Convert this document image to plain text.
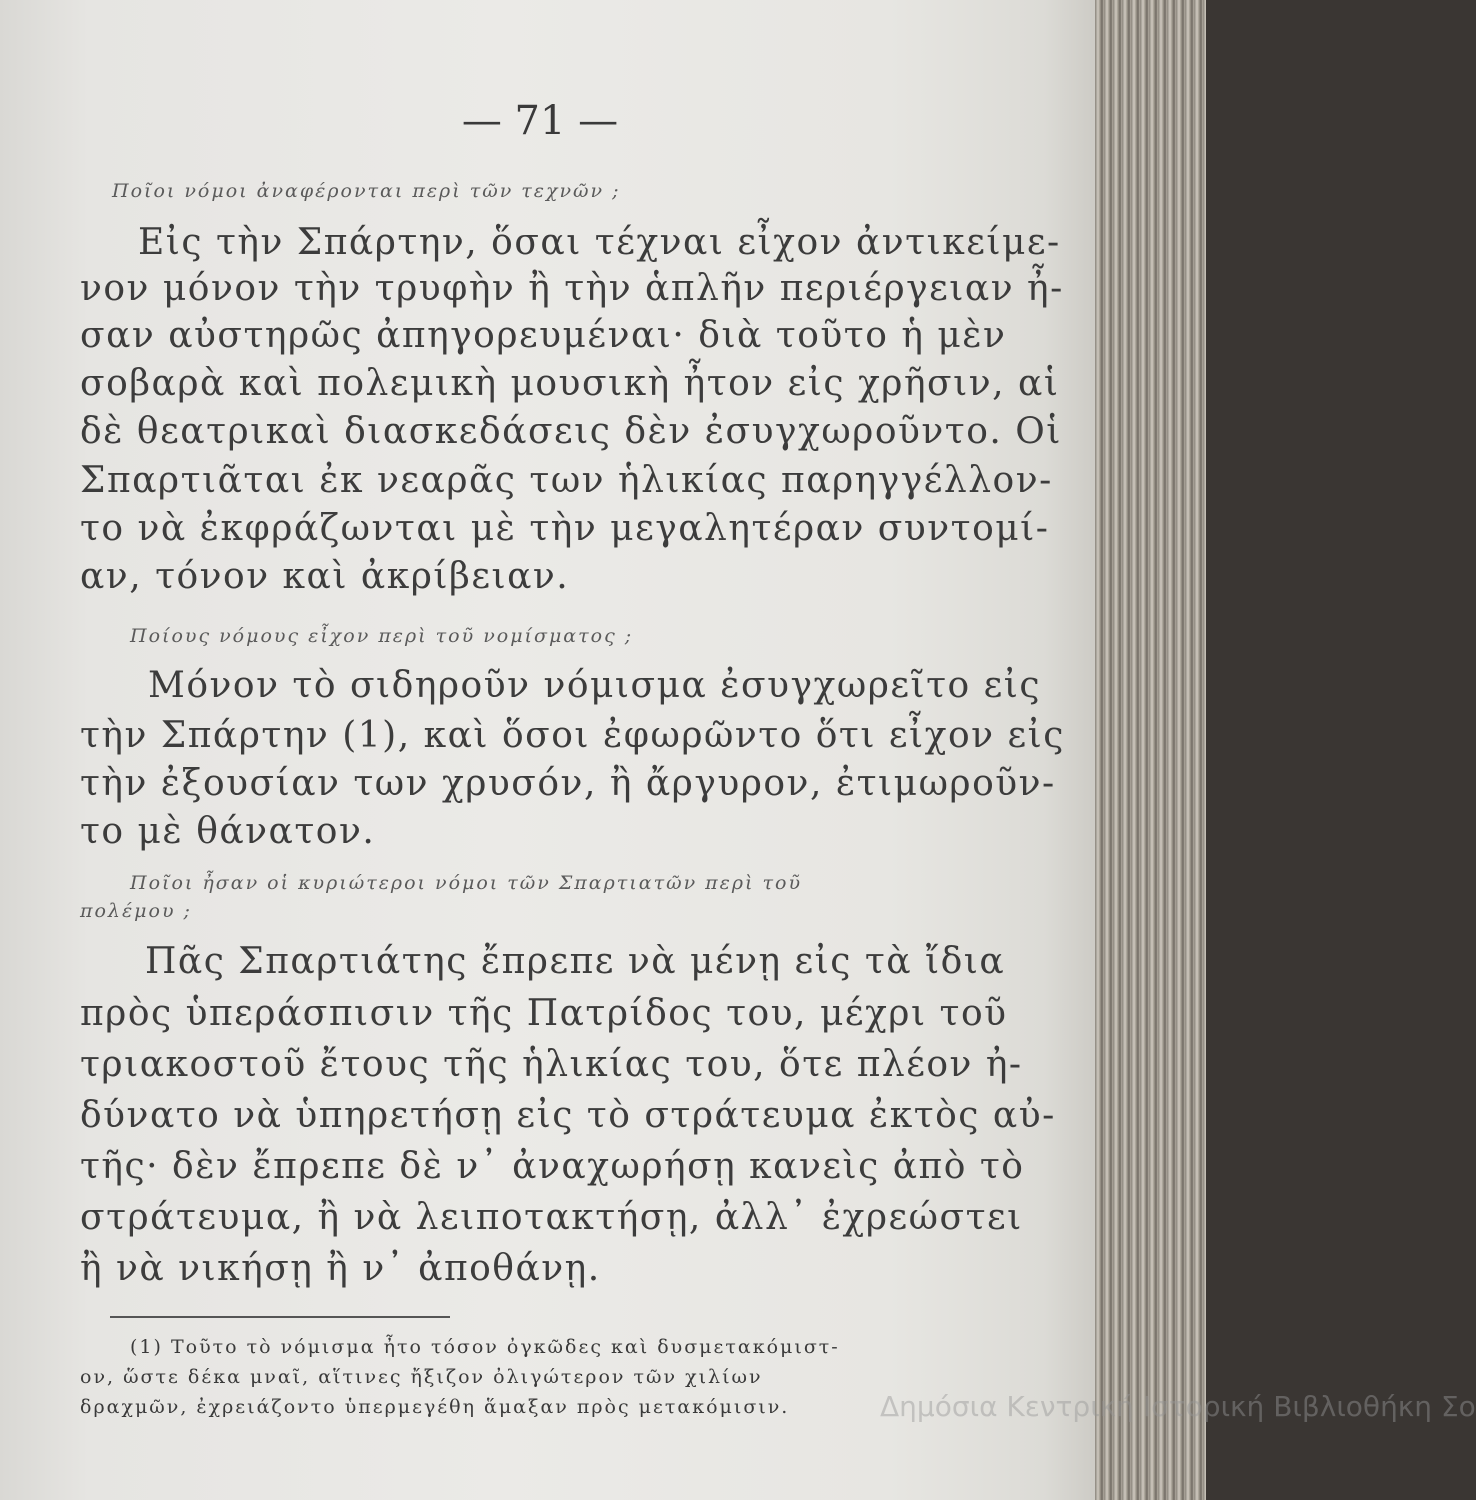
— 71 —
Ποῖοι νόμοι ἀναφέρονται περὶ τῶν τεχνῶν ;
Εἰς τὴν Σπάρτην, ὅσαι τέχναι εἶχον ἀντικείμε-
νον μόνον τὴν τρυφὴν ἢ τὴν ἁπλῆν περιέργειαν ἦ-
σαν αὐστηρῶς ἀπηγορευμέναι· διὰ τοῦτο ἡ μὲν
σοβαρὰ καὶ πολεμικὴ μουσικὴ ἦτον εἰς χρῆσιν, αἱ
δὲ θεατρικαὶ διασκεδάσεις δὲν ἐσυγχωροῦντο. Οἱ
Σπαρτιᾶται ἐκ νεαρᾶς των ἡλικίας παρηγγέλλον-
το νὰ ἐκφράζωνται μὲ τὴν μεγαλητέραν συντομί-
αν, τόνον καὶ ἀκρίβειαν.
Ποίους νόμους εἶχον περὶ τοῦ νομίσματος ;
Μόνον τὸ σιδηροῦν νόμισμα ἐσυγχωρεῖτο εἰς
τὴν Σπάρτην (1), καὶ ὅσοι ἐφωρῶντο ὅτι εἶχον εἰς
τὴν ἐξουσίαν των χρυσόν, ἢ ἄργυρον, ἐτιμωροῦν-
το μὲ θάνατον.
Ποῖοι ἦσαν οἱ κυριώτεροι νόμοι τῶν Σπαρτιατῶν περὶ τοῦ
πολέμου ;
Πᾶς Σπαρτιάτης ἔπρεπε νὰ μένῃ εἰς τὰ ἴδια
πρὸς ὑπεράσπισιν τῆς Πατρίδος του, μέχρι τοῦ
τριακοστοῦ ἔτους τῆς ἡλικίας του, ὅτε πλέον ἠ-
δύνατο νὰ ὑπηρετήσῃ εἰς τὸ στράτευμα ἐκτὸς αὐ-
τῆς· δὲν ἔπρεπε δὲ ν᾿ ἀναχωρήσῃ κανεὶς ἀπὸ τὸ
στράτευμα, ἢ νὰ λειποτακτήσῃ, ἀλλ᾿ ἐχρεώστει
ἢ νὰ νικήσῃ ἢ ν᾿ ἀποθάνῃ.
(1) Τοῦτο τὸ νόμισμα ἦτο τόσον ὀγκῶδες καὶ δυσμετακόμιστ-
ον, ὥστε δέκα μναῖ, αἵτινες ἤξιζον ὀλιγώτερον τῶν χιλίων
δραχμῶν, ἐχρειάζοντο ὑπερμεγέθη ἅμαξαν πρὸς μετακόμισιν.	Δημόσια Κεντρική Ιστορική Βιβλιοθήκη Σο
